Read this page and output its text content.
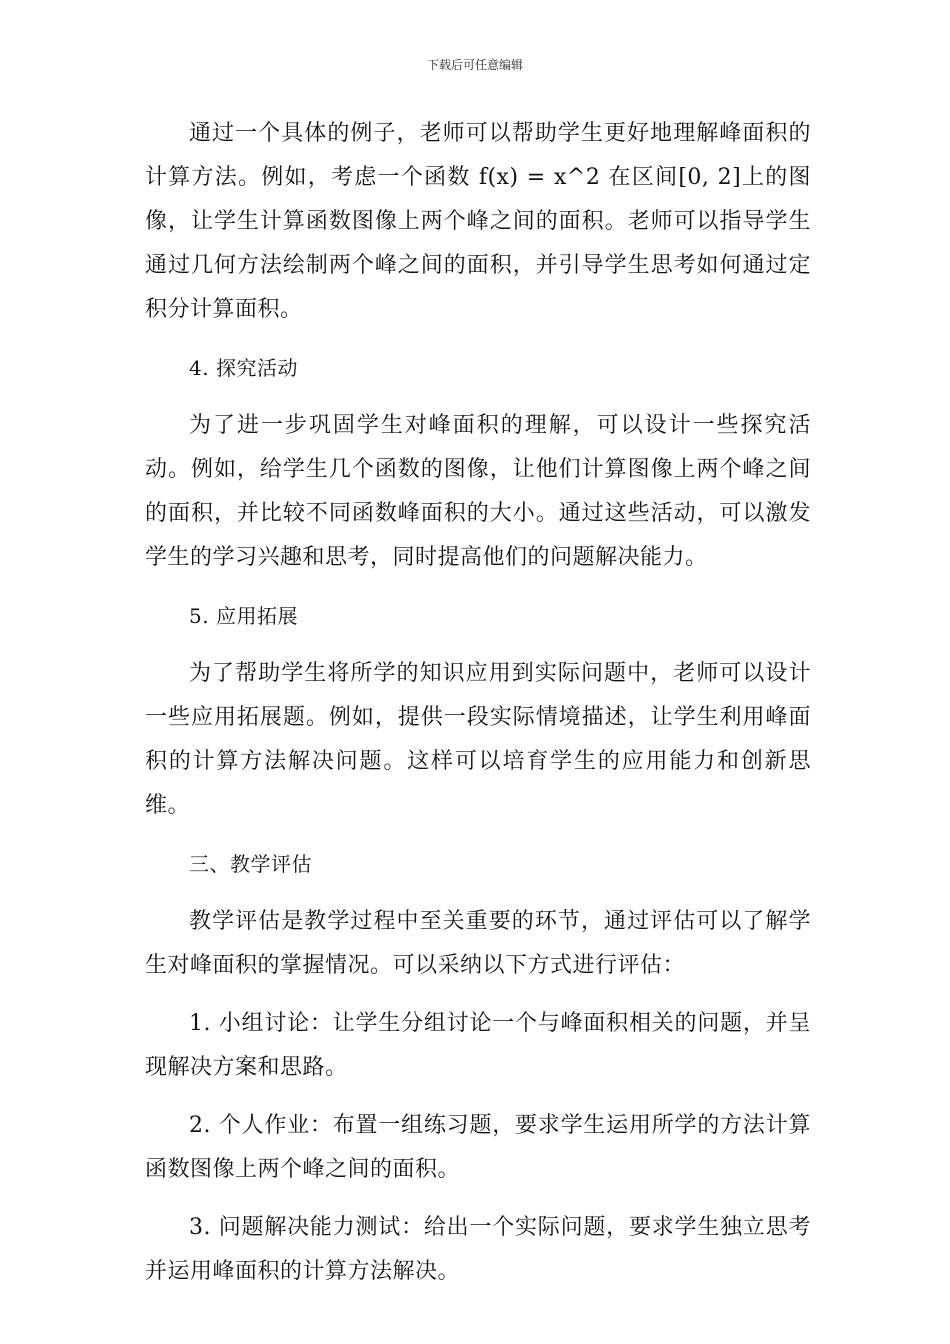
下载后可任意编辑

通过一个具体的例子，老师可以帮助学生更好地理解峰面积的计算方法。例如，考虑一个函数 f(x) = x^2 在区间[0, 2]上的图像，让学生计算函数图像上两个峰之间的面积。老师可以指导学生通过几何方法绘制两个峰之间的面积，并引导学生思考如何通过定积分计算面积。

4. 探究活动

为了进一步巩固学生对峰面积的理解，可以设计一些探究活动。例如，给学生几个函数的图像，让他们计算图像上两个峰之间的面积，并比较不同函数峰面积的大小。通过这些活动，可以激发学生的学习兴趣和思考，同时提高他们的问题解决能力。

5. 应用拓展

为了帮助学生将所学的知识应用到实际问题中，老师可以设计一些应用拓展题。例如，提供一段实际情境描述，让学生利用峰面积的计算方法解决问题。这样可以培育学生的应用能力和创新思维。

三、教学评估

教学评估是教学过程中至关重要的环节，通过评估可以了解学生对峰面积的掌握情况。可以采纳以下方式进行评估：

1. 小组讨论：让学生分组讨论一个与峰面积相关的问题，并呈现解决方案和思路。

2. 个人作业：布置一组练习题，要求学生运用所学的方法计算函数图像上两个峰之间的面积。

3. 问题解决能力测试：给出一个实际问题，要求学生独立思考并运用峰面积的计算方法解决。
